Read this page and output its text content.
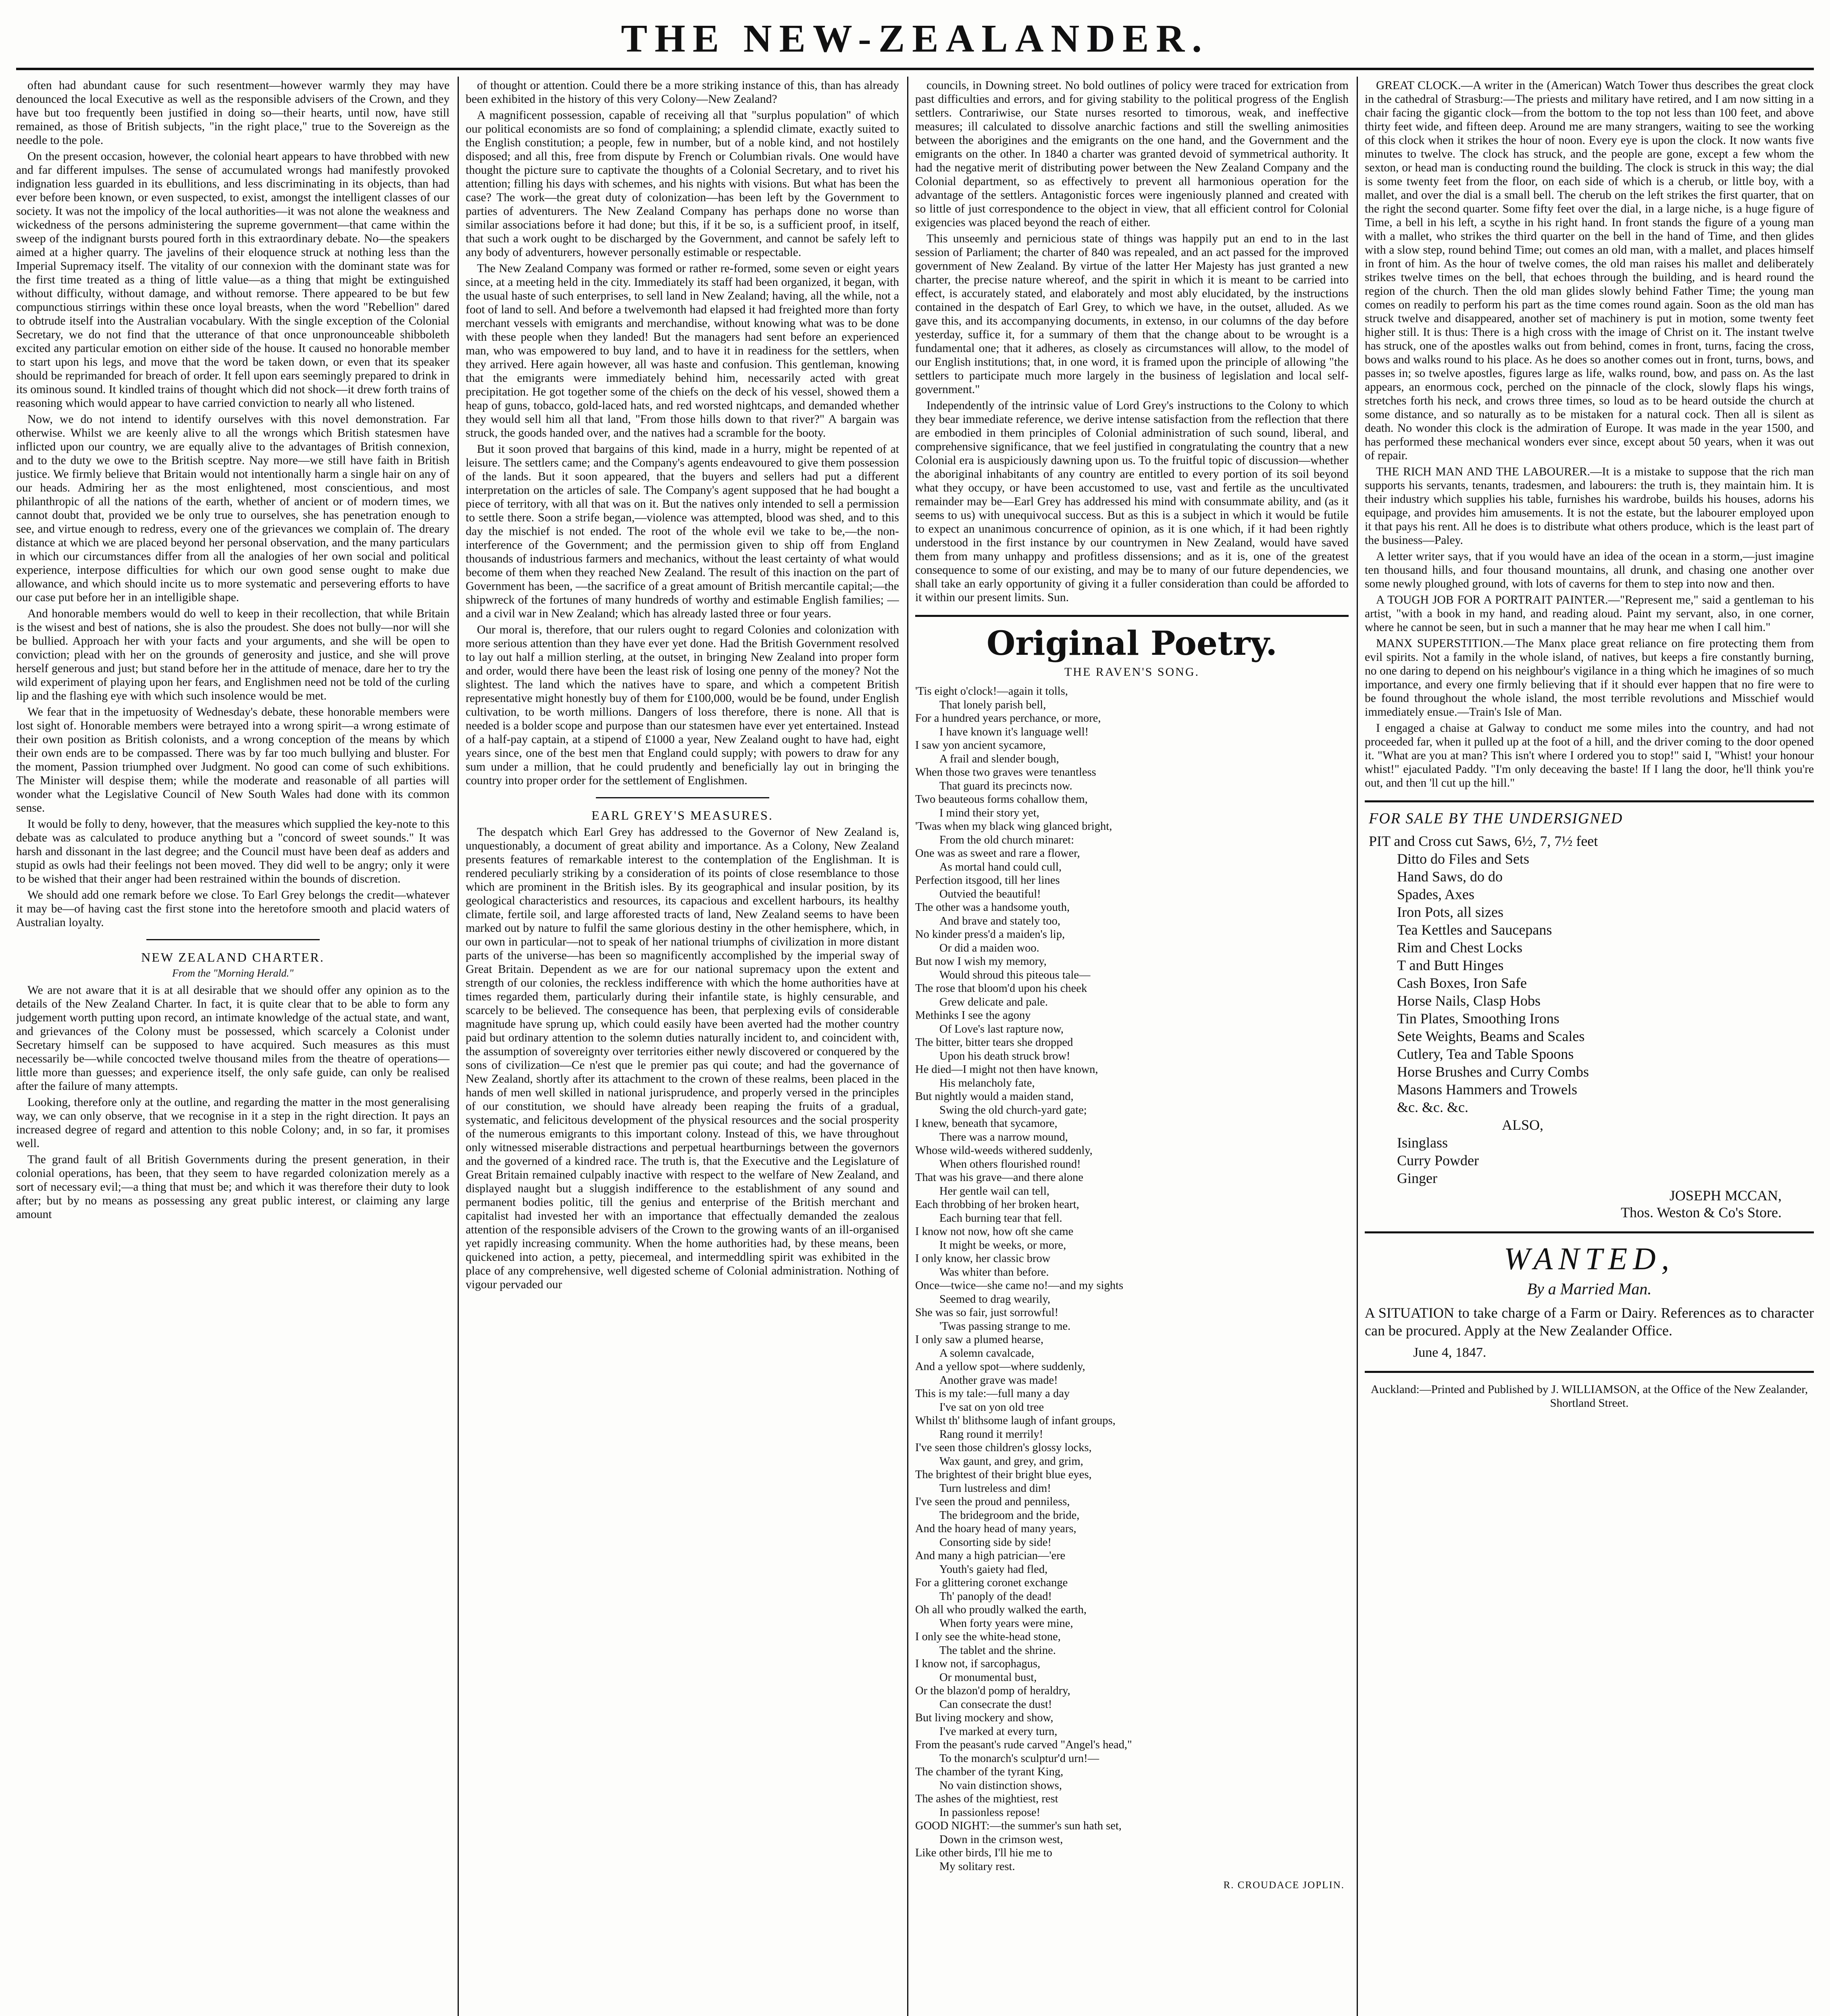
THE NEW-ZEALANDER.

often had abundant cause for such resentment—however warmly they may have denounced the local Executive as well as the responsible advisers of the Crown, and they have but too frequently been justified in doing so—their hearts, until now, have still remained, as those of British subjects, "in the right place," true to the Sovereign as the needle to the pole.

On the present occasion, however, the colonial heart appears to have throbbed with new and far different impulses. The sense of accumulated wrongs had manifestly provoked indignation less guarded in its ebullitions, and less discriminating in its objects, than had ever before been known, or even suspected, to exist, amongst the intelligent classes of our society. It was not the impolicy of the local authorities—it was not alone the weakness and wickedness of the persons administering the supreme government—that came within the sweep of the indignant bursts poured forth in this extraordinary debate. No—the speakers aimed at a higher quarry. The javelins of their eloquence struck at nothing less than the Imperial Supremacy itself. The vitality of our connexion with the dominant state was for the first time treated as a thing of little value—as a thing that might be extinguished without difficulty, without damage, and without remorse. There appeared to be but few compunctious stirrings within these once loyal breasts, when the word "Rebellion" dared to obtrude itself into the Australian vocabulary. With the single exception of the Colonial Secretary, we do not find that the utterance of that once unpronounceable shibboleth excited any particular emotion on either side of the house. It caused no honorable member to start upon his legs, and move that the word be taken down, or even that its speaker should be reprimanded for breach of order. It fell upon ears seemingly prepared to drink in its ominous sound. It kindled trains of thought which did not shock—it drew forth trains of reasoning which would appear to have carried conviction to nearly all who listened.

Now, we do not intend to identify ourselves with this novel demonstration. Far otherwise. Whilst we are keenly alive to all the wrongs which British statesmen have inflicted upon our country, we are equally alive to the advantages of British connexion, and to the duty we owe to the British sceptre. Nay more—we still have faith in British justice. We firmly believe that Britain would not intentionally harm a single hair on any of our heads. Admiring her as the most enlightened, most conscientious, and most philanthropic of all the nations of the earth, whether of ancient or of modern times, we cannot doubt that, provided we be only true to ourselves, she has penetration enough to see, and virtue enough to redress, every one of the grievances we complain of. The dreary distance at which we are placed beyond her personal observation, and the many particulars in which our circumstances differ from all the analogies of her own social and political experience, interpose difficulties for which our own good sense ought to make due allowance, and which should incite us to more systematic and persevering efforts to have our case put before her in an intelligible shape.

And honorable members would do well to keep in their recollection, that while Britain is the wisest and best of nations, she is also the proudest. She does not bully—nor will she be bullied. Approach her with your facts and your arguments, and she will be open to conviction; plead with her on the grounds of generosity and justice, and she will prove herself generous and just; but stand before her in the attitude of menace, dare her to try the wild experiment of playing upon her fears, and Englishmen need not be told of the curling lip and the flashing eye with which such insolence would be met.

We fear that in the impetuosity of Wednesday's debate, these honorable members were lost sight of. Honorable members were betrayed into a wrong spirit—a wrong estimate of their own position as British colonists, and a wrong conception of the means by which their own ends are to be compassed. There was by far too much bullying and bluster. For the moment, Passion triumphed over Judgment. No good can come of such exhibitions. The Minister will despise them; while the moderate and reasonable of all parties will wonder what the Legislative Council of New South Wales had done with its common sense.

It would be folly to deny, however, that the measures which supplied the key-note to this debate was as calculated to produce anything but a "concord of sweet sounds." It was harsh and dissonant in the last degree; and the Council must have been deaf as adders and stupid as owls had their feelings not been moved. They did well to be angry; only it were to be wished that their anger had been restrained within the bounds of discretion.

We should add one remark before we close. To Earl Grey belongs the credit—whatever it may be—of having cast the first stone into the heretofore smooth and placid waters of Australian loyalty.

NEW ZEALAND CHARTER.
From the "Morning Herald."

We are not aware that it is at all desirable that we should offer any opinion as to the details of the New Zealand Charter. In fact, it is quite clear that to be able to form any judgement worth putting upon record, an intimate knowledge of the actual state, and want, and grievances of the Colony must be possessed, which scarcely a Colonist under Secretary himself can be supposed to have acquired. Such measures as this must necessarily be—while concocted twelve thousand miles from the theatre of operations—little more than guesses; and experience itself, the only safe guide, can only be realised after the failure of many attempts.

Looking, therefore only at the outline, and regarding the matter in the most generalising way, we can only observe, that we recognise in it a step in the right direction. It pays an increased degree of regard and attention to this noble Colony; and, in so far, it promises well.

The grand fault of all British Governments during the present generation, in their colonial operations, has been, that they seem to have regarded colonization merely as a sort of necessary evil;—a thing that must be; and which it was therefore their duty to look after; but by no means as possessing any great public interest, or claiming any large amount

of thought or attention. Could there be a more striking instance of this, than has already been exhibited in the history of this very Colony—New Zealand?

A magnificent possession, capable of receiving all that "surplus population" of which our political economists are so fond of complaining; a splendid climate, exactly suited to the English constitution; a people, few in number, but of a noble kind, and not hostilely disposed; and all this, free from dispute by French or Columbian rivals. One would have thought the picture sure to captivate the thoughts of a Colonial Secretary, and to rivet his attention; filling his days with schemes, and his nights with visions. But what has been the case? The work—the great duty of colonization—has been left by the Government to parties of adventurers. The New Zealand Company has perhaps done no worse than similar associations before it had done; but this, if it be so, is a sufficient proof, in itself, that such a work ought to be discharged by the Government, and cannot be safely left to any body of adventurers, however personally estimable or respectable.

The New Zealand Company was formed or rather re-formed, some seven or eight years since, at a meeting held in the city. Immediately its staff had been organized, it began, with the usual haste of such enterprises, to sell land in New Zealand; having, all the while, not a foot of land to sell. And before a twelvemonth had elapsed it had freighted more than forty merchant vessels with emigrants and merchandise, without knowing what was to be done with these people when they landed! But the managers had sent before an experienced man, who was empowered to buy land, and to have it in readiness for the settlers, when they arrived. Here again however, all was haste and confusion. This gentleman, knowing that the emigrants were immediately behind him, necessarily acted with great precipitation. He got together some of the chiefs on the deck of his vessel, showed them a heap of guns, tobacco, gold-laced hats, and red worsted nightcaps, and demanded whether they would sell him all that land, "From those hills down to that river?" A bargain was struck, the goods handed over, and the natives had a scramble for the booty.

But it soon proved that bargains of this kind, made in a hurry, might be repented of at leisure. The settlers came; and the Company's agents endeavoured to give them possession of the lands. But it soon appeared, that the buyers and sellers had put a different interpretation on the articles of sale. The Company's agent supposed that he had bought a piece of territory, with all that was on it. But the natives only intended to sell a permission to settle there. Soon a strife began,—violence was attempted, blood was shed, and to this day the mischief is not ended. The root of the whole evil we take to be,—the non-interference of the Government; and the permission given to ship off from England thousands of industrious farmers and mechanics, without the least certainty of what would become of them when they reached New Zealand. The result of this inaction on the part of Government has been, —the sacrifice of a great amount of British mercantile capital;—the shipwreck of the fortunes of many hundreds of worthy and estimable English families; —and a civil war in New Zealand; which has already lasted three or four years.

Our moral is, therefore, that our rulers ought to regard Colonies and colonization with more serious attention than they have ever yet done. Had the British Government resolved to lay out half a million sterling, at the outset, in bringing New Zealand into proper form and order, would there have been the least risk of losing one penny of the money? Not the slightest. The land which the natives have to spare, and which a competent British representative might honestly buy of them for £100,000, would be be found, under English cultivation, to be worth millions. Dangers of loss therefore, there is none. All that is needed is a bolder scope and purpose than our statesmen have ever yet entertained. Instead of a half-pay captain, at a stipend of £1000 a year, New Zealand ought to have had, eight years since, one of the best men that England could supply; with powers to draw for any sum under a million, that he could prudently and beneficially lay out in bringing the country into proper order for the settlement of Englishmen.

EARL GREY'S MEASURES.

The despatch which Earl Grey has addressed to the Governor of New Zealand is, unquestionably, a document of great ability and importance. As a Colony, New Zealand presents features of remarkable interest to the contemplation of the Englishman. It is rendered peculiarly striking by a consideration of its points of close resemblance to those which are prominent in the British isles. By its geographical and insular position, by its geological characteristics and resources, its capacious and excellent harbours, its healthy climate, fertile soil, and large afforested tracts of land, New Zealand seems to have been marked out by nature to fulfil the same glorious destiny in the other hemisphere, which, in our own in particular—not to speak of her national triumphs of civilization in more distant parts of the universe—has been so magnificently accomplished by the imperial sway of Great Britain. Dependent as we are for our national supremacy upon the extent and strength of our colonies, the reckless indifference with which the home authorities have at times regarded them, particularly during their infantile state, is highly censurable, and scarcely to be believed. The consequence has been, that perplexing evils of considerable magnitude have sprung up, which could easily have been averted had the mother country paid but ordinary attention to the solemn duties naturally incident to, and coincident with, the assumption of sovereignty over territories either newly discovered or conquered by the sons of civilization—Ce n'est que le premier pas qui coute; and had the governance of New Zealand, shortly after its attachment to the crown of these realms, been placed in the hands of men well skilled in national jurisprudence, and properly versed in the principles of our constitution, we should have already been reaping the fruits of a gradual, systematic, and felicitous development of the physical resources and the social prosperity of the numerous emigrants to this important colony. Instead of this, we have throughout only witnessed miserable distractions and perpetual heartburnings between the governors and the governed of a kindred race. The truth is, that the Executive and the Legislature of Great Britain remained culpably inactive with respect to the welfare of New Zealand, and displayed naught but a sluggish indifference to the establishment of any sound and permanent bodies politic, till the genius and enterprise of the British merchant and capitalist had invested her with an importance that effectually demanded the zealous attention of the responsible advisers of the Crown to the growing wants of an ill-organised yet rapidly increasing community. When the home authorities had, by these means, been quickened into action, a petty, piecemeal, and intermeddling spirit was exhibited in the place of any comprehensive, well digested scheme of Colonial administration. Nothing of vigour pervaded our

councils, in Downing street. No bold outlines of policy were traced for extrication from past difficulties and errors, and for giving stability to the political progress of the English settlers. Contrariwise, our State nurses resorted to timorous, weak, and ineffective measures; ill calculated to dissolve anarchic factions and still the swelling animosities between the aborigines and the emigrants on the one hand, and the Government and the emigrants on the other. In 1840 a charter was granted devoid of symmetrical authority. It had the negative merit of distributing power between the New Zealand Company and the Colonial department, so as effectively to prevent all harmonious operation for the advantage of the settlers. Antagonistic forces were ingeniously planned and created with so little of just correspondence to the object in view, that all efficient control for Colonial exigencies was placed beyond the reach of either.

This unseemly and pernicious state of things was happily put an end to in the last session of Parliament; the charter of 840 was repealed, and an act passed for the improved government of New Zealand. By virtue of the latter Her Majesty has just granted a new charter, the precise nature whereof, and the spirit in which it is meant to be carried into effect, is accurately stated, and elaborately and most ably elucidated, by the instructions contained in the despatch of Earl Grey, to which we have, in the outset, alluded. As we gave this, and its accompanying documents, in extenso, in our columns of the day before yesterday, suffice it, for a summary of them that the change about to be wrought is a fundamental one; that it adheres, as closely as circumstances will allow, to the model of our English institutions; that, in one word, it is framed upon the principle of allowing "the settlers to participate much more largely in the business of legislation and local self-government."

Independently of the intrinsic value of Lord Grey's instructions to the Colony to which they bear immediate reference, we derive intense satisfaction from the reflection that there are embodied in them principles of Colonial administration of such sound, liberal, and comprehensive significance, that we feel justified in congratulating the country that a new Colonial era is auspiciously dawning upon us. To the fruitful topic of discussion—whether the aboriginal inhabitants of any country are entitled to every portion of its soil beyond what they occupy, or have been accustomed to use, vast and fertile as the uncultivated remainder may be—Earl Grey has addressed his mind with consummate ability, and (as it seems to us) with unequivocal success. But as this is a subject in which it would be futile to expect an unanimous concurrence of opinion, as it is one which, if it had been rightly understood in the first instance by our countrymen in New Zealand, would have saved them from many unhappy and profitless dissensions; and as it is, one of the greatest consequence to some of our existing, and may be to many of our future dependencies, we shall take an early opportunity of giving it a fuller consideration than could be afforded to it within our present limits. Sun.

Original Poetry.
THE RAVEN'S SONG.
'Tis eight o'clock!—again it tolls,
That lonely parish bell,
For a hundred years perchance, or more,
I have known it's language well!
I saw yon ancient sycamore,
A frail and slender bough,
When those two graves were tenantless
That guard its precincts now.
Two beauteous forms cohallow them,
I mind their story yet,
'Twas when my black wing glanced bright,
From the old church minaret:
One was as sweet and rare a flower,
As mortal hand could cull,
Perfection itsgood, till her lines
Outvied the beautiful!
The other was a handsome youth,
And brave and stately too,
No kinder press'd a maiden's lip,
Or did a maiden woo.
But now I wish my memory,
Would shroud this piteous tale—
The rose that bloom'd upon his cheek
Grew delicate and pale.
Methinks I see the agony
Of Love's last rapture now,
The bitter, bitter tears she dropped
Upon his death struck brow!
He died—I might not then have known,
His melancholy fate,
But nightly would a maiden stand,
Swing the old church-yard gate;
I knew, beneath that sycamore,
There was a narrow mound,
Whose wild-weeds withered suddenly,
When others flourished round!
That was his grave—and there alone
Her gentle wail can tell,
Each throbbing of her broken heart,
Each burning tear that fell.
I know not now, how oft she came
It might be weeks, or more,
I only know, her classic brow
Was whiter than before.
Once—twice—she came no!—and my sights
Seemed to drag wearily,
She was so fair, just sorrowful!
'Twas passing strange to me.
I only saw a plumed hearse,
A solemn cavalcade,
And a yellow spot—where suddenly,
Another grave was made!
This is my tale:—full many a day
I've sat on yon old tree
Whilst th' blithsome laugh of infant groups,
Rang round it merrily!
I've seen those children's glossy locks,
Wax gaunt, and grey, and grim,
The brightest of their bright blue eyes,
Turn lustreless and dim!
I've seen the proud and penniless,
The bridegroom and the bride,
And the hoary head of many years,
Consorting side by side!
And many a high patrician—'ere
Youth's gaiety had fled,
For a glittering coronet exchange
Th' panoply of the dead!
Oh all who proudly walked the earth,
When forty years were mine,
I only see the white-head stone,
The tablet and the shrine.
I know not, if sarcophagus,
Or monumental bust,
Or the blazon'd pomp of heraldry,
Can consecrate the dust!
But living mockery and show,
I've marked at every turn,
From the peasant's rude carved "Angel's head,"
To the monarch's sculptur'd urn!—
The chamber of the tyrant King,
No vain distinction shows,
The ashes of the mightiest, rest
In passionless repose!
GOOD NIGHT:—the summer's sun hath set,
Down in the crimson west,
Like other birds, I'll hie me to
My solitary rest.
R. CROUDACE JOPLIN.

GREAT CLOCK.—A writer in the (American) Watch Tower thus describes the great clock in the cathedral of Strasburg:—The priests and military have retired, and I am now sitting in a chair facing the gigantic clock—from the bottom to the top not less than 100 feet, and above thirty feet wide, and fifteen deep. Around me are many strangers, waiting to see the working of this clock when it strikes the hour of noon. Every eye is upon the clock. It now wants five minutes to twelve. The clock has struck, and the people are gone, except a few whom the sexton, or head man is conducting round the building. The clock is struck in this way; the dial is some twenty feet from the floor, on each side of which is a cherub, or little boy, with a mallet, and over the dial is a small bell. The cherub on the left strikes the first quarter, that on the right the second quarter. Some fifty feet over the dial, in a large niche, is a huge figure of Time, a bell in his left, a scythe in his right hand. In front stands the figure of a young man with a mallet, who strikes the third quarter on the bell in the hand of Time, and then glides with a slow step, round behind Time; out comes an old man, with a mallet, and places himself in front of him. As the hour of twelve comes, the old man raises his mallet and deliberately strikes twelve times on the bell, that echoes through the building, and is heard round the region of the church. Then the old man glides slowly behind Father Time; the young man comes on readily to perform his part as the time comes round again. Soon as the old man has struck twelve and disappeared, another set of machinery is put in motion, some twenty feet higher still. It is thus: There is a high cross with the image of Christ on it. The instant twelve has struck, one of the apostles walks out from behind, comes in front, turns, facing the cross, bows and walks round to his place. As he does so another comes out in front, turns, bows, and passes in; so twelve apostles, figures large as life, walks round, bow, and pass on. As the last appears, an enormous cock, perched on the pinnacle of the clock, slowly flaps his wings, stretches forth his neck, and crows three times, so loud as to be heard outside the church at some distance, and so naturally as to be mistaken for a natural cock. Then all is silent as death. No wonder this clock is the admiration of Europe. It was made in the year 1500, and has performed these mechanical wonders ever since, except about 50 years, when it was out of repair.

THE RICH MAN AND THE LABOURER.—It is a mistake to suppose that the rich man supports his servants, tenants, tradesmen, and labourers: the truth is, they maintain him. It is their industry which supplies his table, furnishes his wardrobe, builds his houses, adorns his equipage, and provides him amusements. It is not the estate, but the labourer employed upon it that pays his rent. All he does is to distribute what others produce, which is the least part of the business—Paley.

A letter writer says, that if you would have an idea of the ocean in a storm,—just imagine ten thousand hills, and four thousand mountains, all drunk, and chasing one another over some newly ploughed ground, with lots of caverns for them to step into now and then.

A TOUGH JOB FOR A PORTRAIT PAINTER.—"Represent me," said a gentleman to his artist, "with a book in my hand, and reading aloud. Paint my servant, also, in one corner, where he cannot be seen, but in such a manner that he may hear me when I call him."

MANX SUPERSTITION.—The Manx place great reliance on fire protecting them from evil spirits. Not a family in the whole island, of natives, but keeps a fire constantly burning, no one daring to depend on his neighbour's vigilance in a thing which he imagines of so much importance, and every one firmly believing that if it should ever happen that no fire were to be found throughout the whole island, the most terrible revolutions and Misschief would immediately ensue.—Train's Isle of Man.

I engaged a chaise at Galway to conduct me some miles into the country, and had not proceeded far, when it pulled up at the foot of a hill, and the driver coming to the door opened it. "What are you at man? This isn't where I ordered you to stop!" said I, "Whist! your honour whist!" ejaculated Paddy. "I'm only deceaving the baste! If I lang the door, he'll think you're out, and then 'll cut up the hill."

FOR SALE BY THE UNDERSIGNED
PIT and Cross cut Saws, 6½, 7, 7½ feet
Ditto do Files and Sets
Hand Saws, do do
Spades, Axes
Iron Pots, all sizes
Tea Kettles and Saucepans
Rim and Chest Locks
T and Butt Hinges
Cash Boxes, Iron Safe
Horse Nails, Clasp Hobs
Tin Plates, Smoothing Irons
Sete Weights, Beams and Scales
Cutlery, Tea and Table Spoons
Horse Brushes and Curry Combs
Masons Hammers and Trowels
&c. &c. &c.
ALSO,
Isinglass
Curry Powder
Ginger
JOSEPH MCCAN,
Thos. Weston & Co's Store.
WANTED,
By a Married Man.
A SITUATION to take charge of a Farm or Dairy. References as to character can be procured. Apply at the New Zealander Office.
June 4, 1847.
Auckland:—Printed and Published by J. WILLIAMSON, at the Office of the New Zealander, Shortland Street.
